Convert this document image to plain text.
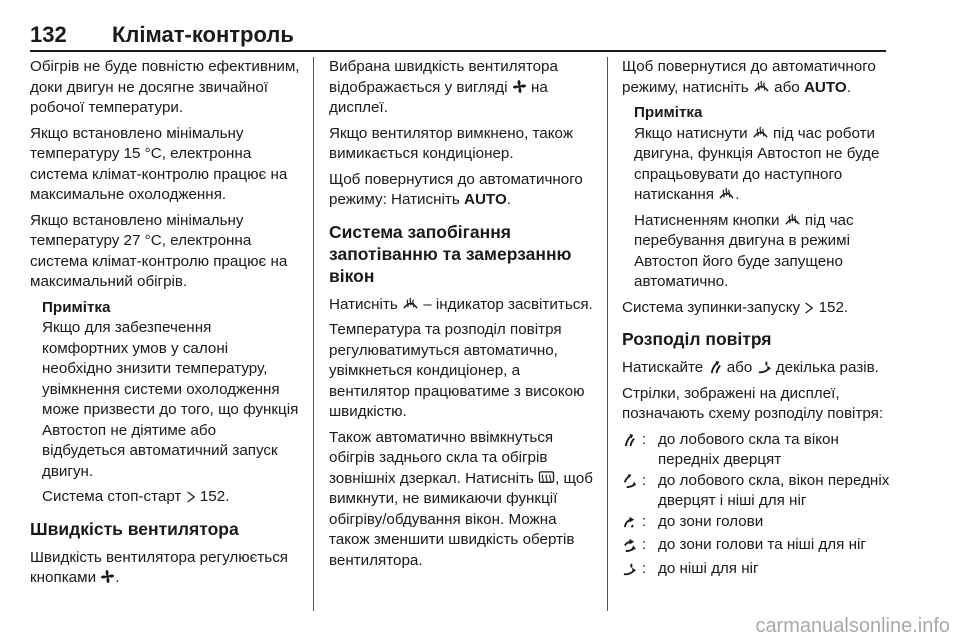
132 Клімат-контроль

Обігрів не буде повністю ефективним, доки двигун не досягне звичайної робочої температури.

Якщо встановлено мінімальну температуру 15 °C, електронна система клімат-контролю працює на максимальне охолодження.

Якщо встановлено мінімальну температуру 27 °C, електронна система клімат-контролю працює на максимальний обігрів.

Примітка

Якщо для забезпечення комфортних умов у салоні необхідно знизити температуру, увімкнення системи охолодження може призвести до того, що функція Автостоп не діятиме або відбудеться автоматичний запуск двигун.

Система стоп-старт 152.

Швидкість вентилятора

Швидкість вентилятора регулюється кнопками .

Вибрана швидкість вентилятора відображається у вигляді на дисплеї.

Якщо вентилятор вимкнено, також вимикається кондиціонер.

Щоб повернутися до автоматичного режиму: Натисніть AUTO.

Система запобігання запотіванню та замерзанню вікон

Натисніть – індикатор засвітиться.

Температура та розподіл повітря регулюватимуться автоматично, увімкнеться кондиціонер, а вентилятор працюватиме з високою швидкістю.

Також автоматично ввімкнуться обігрів заднього скла та обігрів зовнішніх дзеркал. Натисніть , щоб вимкнути, не вимикаючи функції обігріву/обдування вікон. Можна також зменшити швидкість обертів вентилятора.

Щоб повернутися до автоматичного режиму, натисніть або AUTO.

Примітка

Якщо натиснути під час роботи двигуна, функція Автостоп не буде спрацьовувати до наступного натискання .

Натисненням кнопки під час перебування двигуна в режимі Автостоп його буде запущено автоматично.

Система зупинки-запуску 152.

Розподіл повітря

Натискайте або декілька разів.

Стрілки, зображені на дисплеї, позначають схему розподілу повітря:

: до лобового скла та вікон передніх дверцят
: до лобового скла, вікон передніх дверцят і ніші для ніг
: до зони голови
: до зони голови та ніші для ніг
: до ніші для ніг
carmanualsonline.info
